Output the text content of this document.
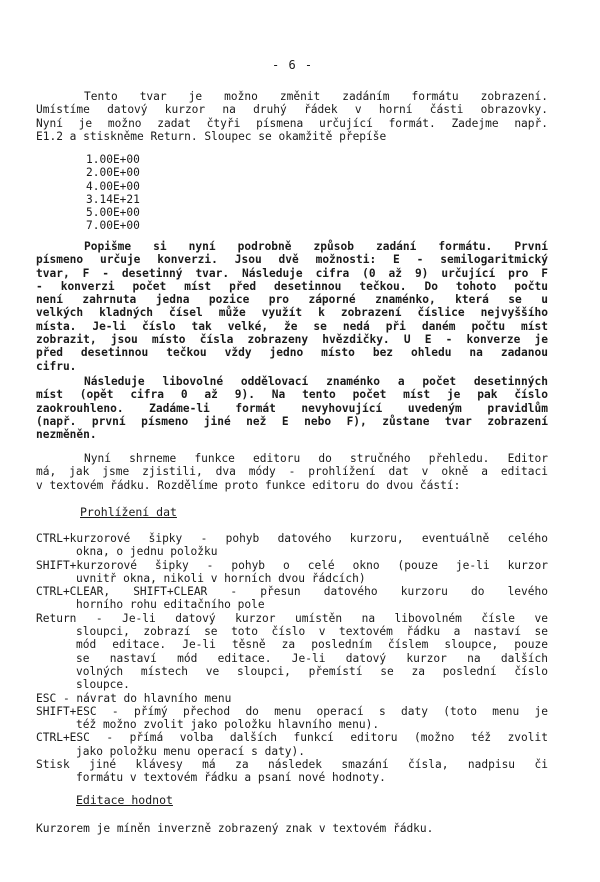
- 6 -

Tento tvar je možno změnit zadáním formátu zobrazení.

Umístíme datový kurzor na druhý řádek v horní části obrazovky.

Nyní je možno zadat čtyři písmena určující formát. Zadejme např.

E1.2 a stiskněme Return. Sloupec se okamžitě přepíše

1.00E+00
2.00E+00
4.00E+00
3.14E+21
5.00E+00
7.00E+00

Popišme si nyní podrobně způsob zadání formátu. První

písmeno určuje konverzi. Jsou dvě možnosti: E - semilogaritmický

tvar, F - desetinný tvar. Následuje cifra (0 až 9) určující pro F

- konverzi počet míst před desetinnou tečkou. Do tohoto počtu

není zahrnuta jedna pozice pro záporné znaménko, která se u

velkých kladných čísel může využít k zobrazení číslice nejvyššího

místa. Je-li číslo tak velké, že se nedá při daném počtu míst

zobrazit, jsou místo čísla zobrazeny hvězdičky. U E - konverze je

před desetinnou tečkou vždy jedno místo bez ohledu na zadanou

cifru.

Následuje libovolné oddělovací znaménko a počet desetinných

míst (opět cifra 0 až 9). Na tento počet míst je pak číslo

zaokrouhleno. Zadáme-li formát nevyhovující uvedeným pravidlům

(např. první písmeno jiné než E nebo F), zůstane tvar zobrazení

nezměněn.

Nyní shrneme funkce editoru do stručného přehledu. Editor

má, jak jsme zjistili, dva módy - prohlížení dat v okně a editaci

v textovém řádku. Rozdělíme proto funkce editoru do dvou částí:

Prohlížení dat
CTRL+kurzorové šipky - pohyb datového kurzoru, eventuálně celého
okna, o jednu položku
SHIFT+kurzorové šipky - pohyb o celé okno (pouze je-li kurzor
uvnitř okna, nikoli v horních dvou řádcích)
CTRL+CLEAR, SHIFT+CLEAR - přesun datového kurzoru do levého
horního rohu editačního pole
Return - Je-li datový kurzor umístěn na libovolném čísle ve
sloupci, zobrazí se toto číslo v textovém řádku a nastaví se
mód editace. Je-li těsně za posledním číslem sloupce, pouze
se nastaví mód editace. Je-li datový kurzor na dalších
volných místech ve sloupci, přemístí se za poslední číslo
sloupce.
ESC - návrat do hlavního menu
SHIFT+ESC - přímý přechod do menu operací s daty (toto menu je
též možno zvolit jako položku hlavního menu).
CTRL+ESC - přímá volba dalších funkcí editoru (možno též zvolit
jako položku menu operací s daty).
Stisk jiné klávesy má za následek smazání čísla, nadpisu či
formátu v textovém řádku a psaní nové hodnoty.
Editace hodnot

Kurzorem je míněn inverzně zobrazený znak v textovém řádku.
